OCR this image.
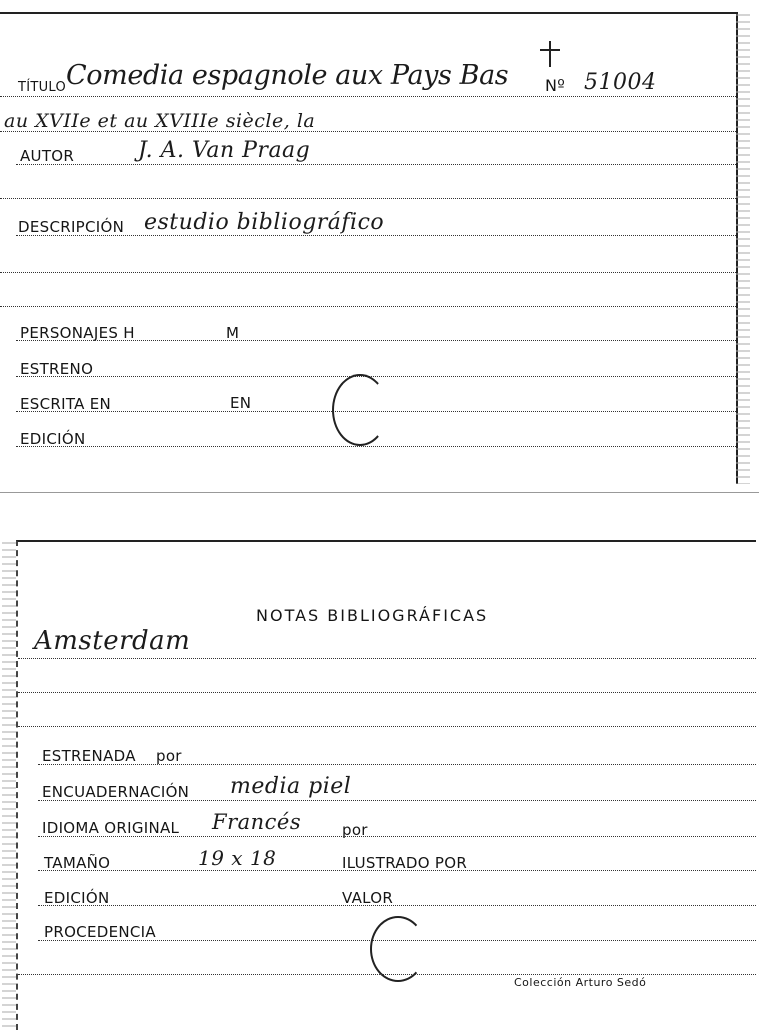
TÍTULO Comedia espagnole aux Pays Bas Nº 51004
au XVIIe et au XVIIIe siècle, la
AUTOR	J. A. Van Praag
DESCRIPCIÓN estudio bibliográfico
PERSONAJES H	M
ESTRENO
ESCRITA EN	EN
EDICIÓN
NOTAS BIBLIOGRÁFICAS
Amsterdam
ESTRENADA por
ENCUADERNACIÓN media piel
IDIOMA ORIGINAL Francés	por
TAMAÑO	19 x 18	ILUSTRADO POR
EDICIÓN	VALOR
PROCEDENCIA
Colección Arturo Sedó
